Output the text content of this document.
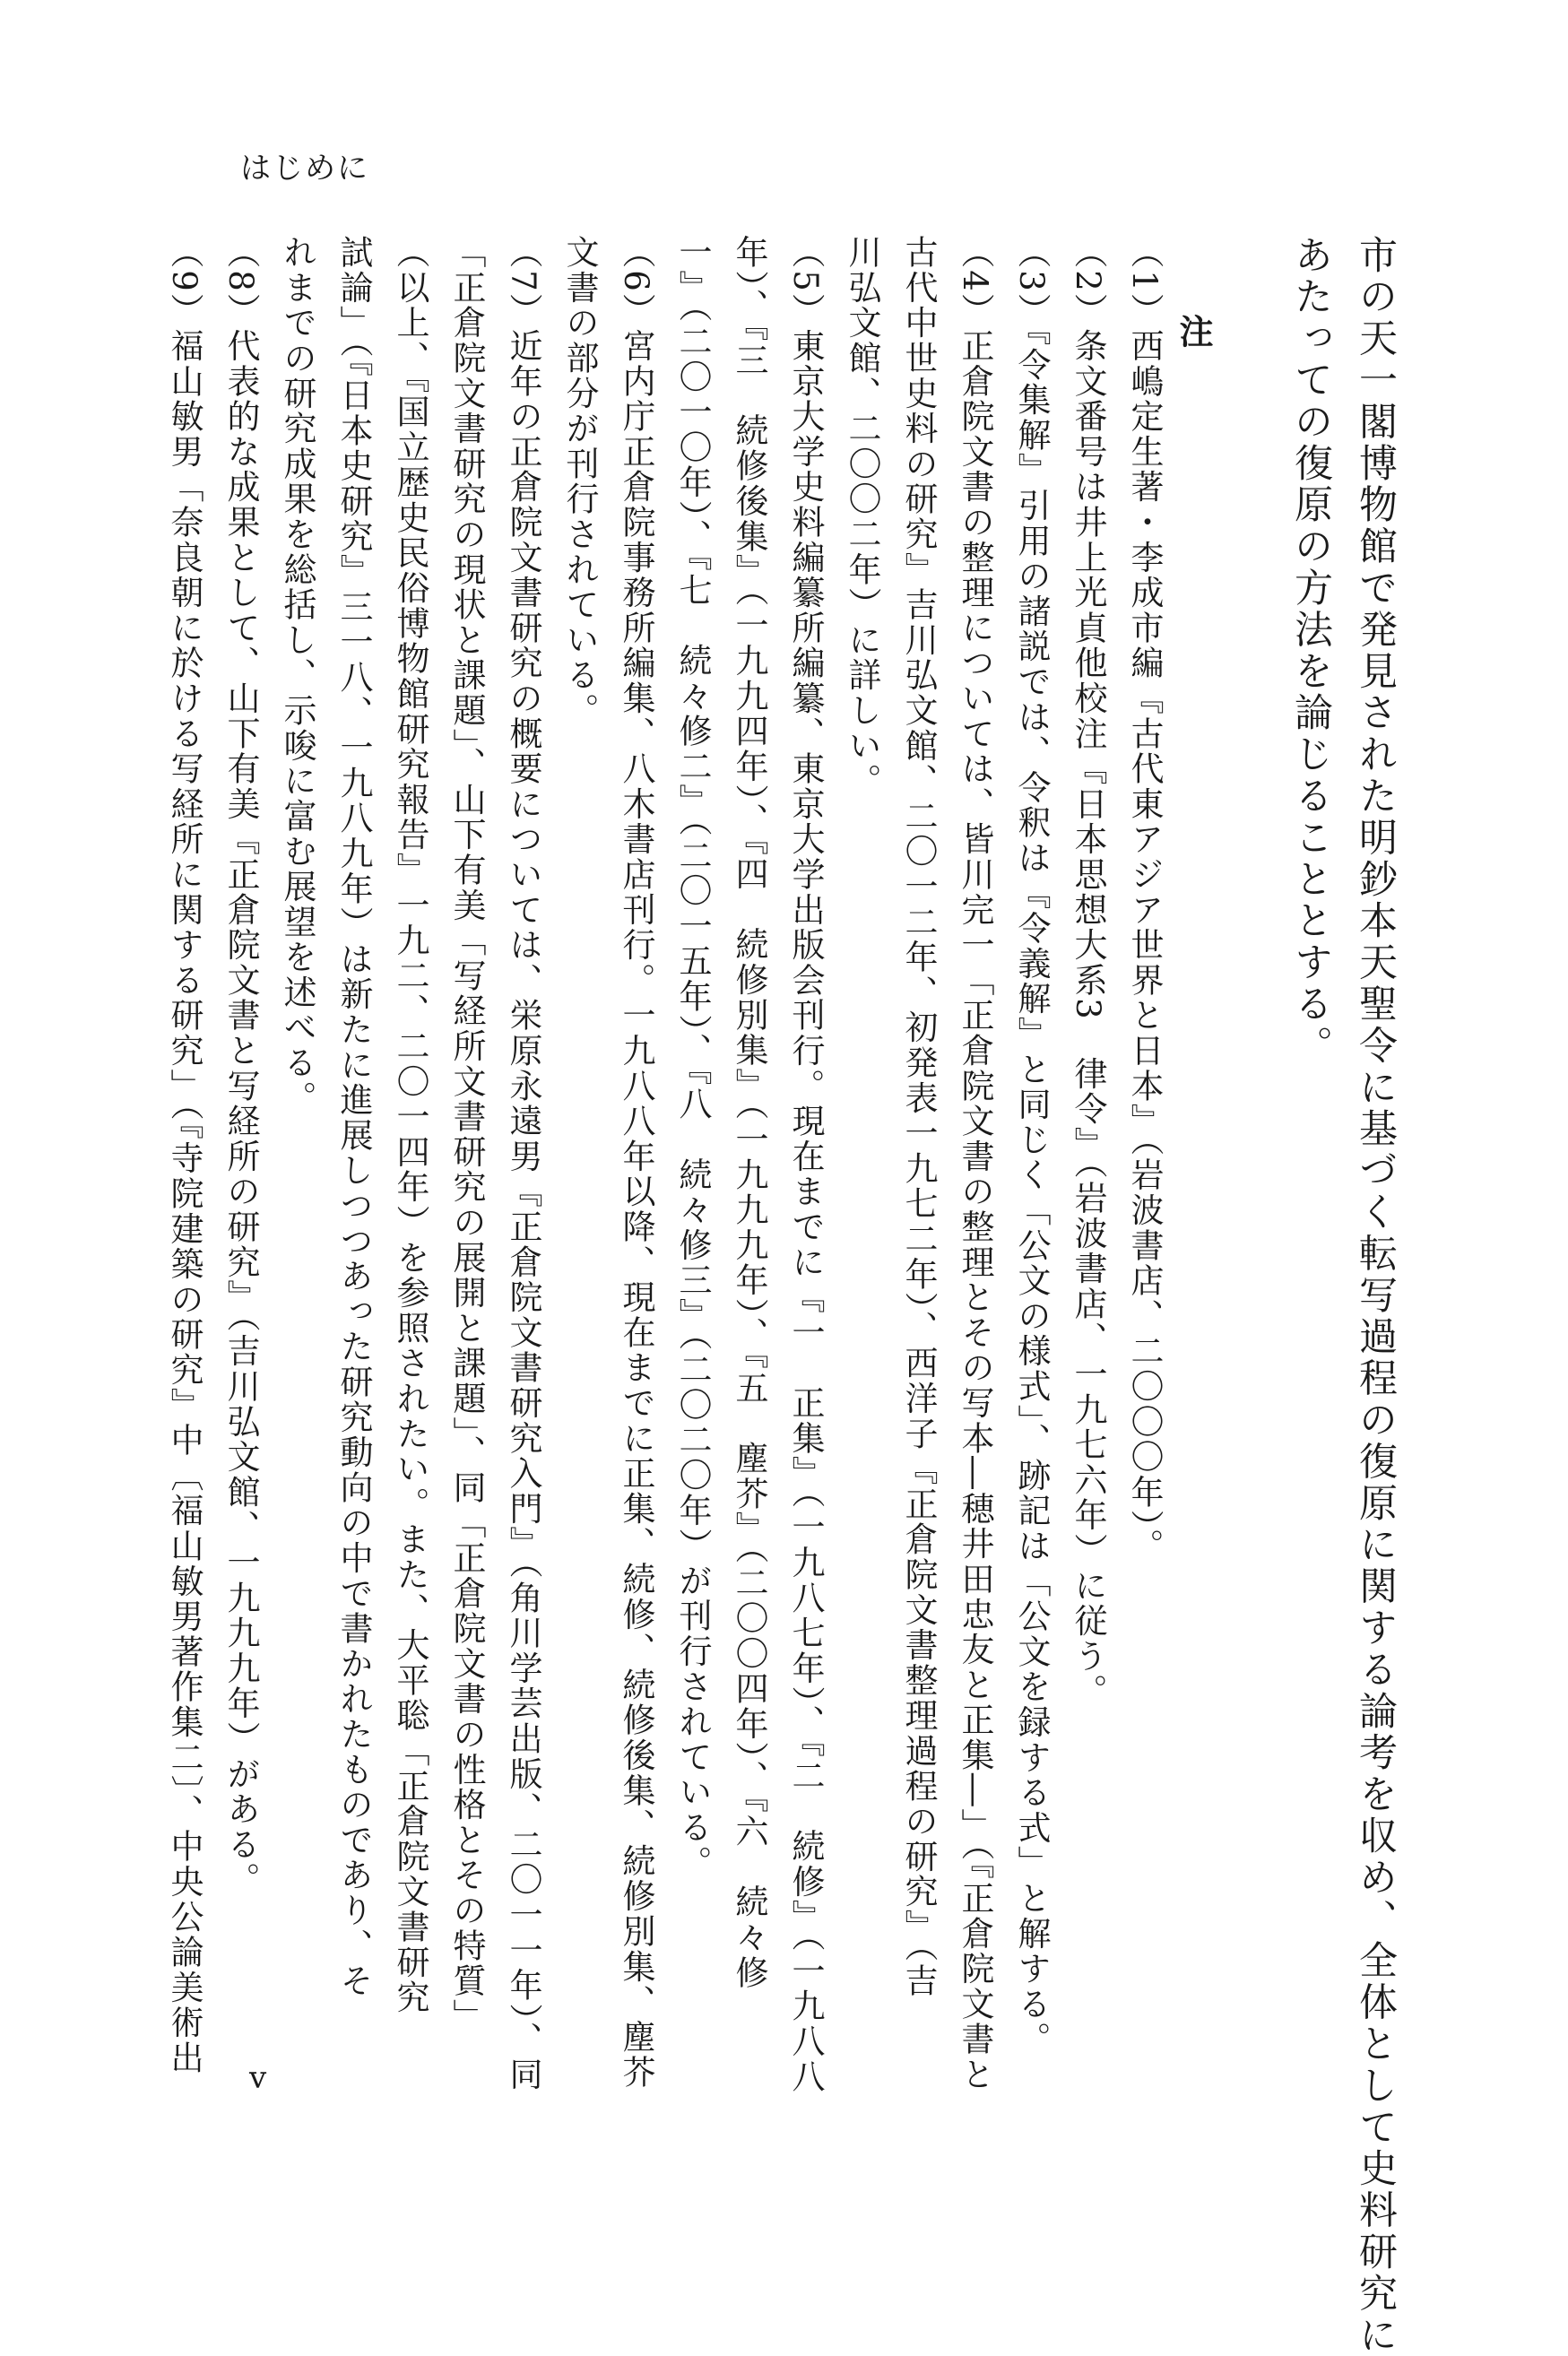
はじめに
市の天一閣博物館で発見された明鈔本天聖令に基づく転写過程の復原に関する論考を収め、全体として史料研究に
あたっての復原の方法を論じることとする。
注
（1）西嶋定生著・李成市編『古代東アジア世界と日本』（岩波書店、二〇〇〇年）。
（2）条文番号は井上光貞他校注『日本思想大系3　律令』（岩波書店、一九七六年）に従う。
（3）『令集解』引用の諸説では、令釈は『令義解』と同じく「公文の様式」、跡記は「公文を録する式」と解する。
（4）正倉院文書の整理については、皆川完一「正倉院文書の整理とその写本―穂井田忠友と正集―」（『正倉院文書と
古代中世史料の研究』吉川弘文館、二〇一二年、初発表一九七二年）、西洋子『正倉院文書整理過程の研究』（吉
川弘文館、二〇〇二年）に詳しい。
（5）東京大学史料編纂所編纂、東京大学出版会刊行。現在までに『一　正集』（一九八七年）、『二　続修』（一九八八
年）、『三　続修後集』（一九九四年）、『四　続修別集』（一九九九年）、『五　塵芥』（二〇〇四年）、『六　続々修
一』（二〇一〇年）、『七　続々修二』（二〇一五年）、『八　続々修三』（二〇二〇年）が刊行されている。
（6）宮内庁正倉院事務所編集、八木書店刊行。一九八八年以降、現在までに正集、続修、続修後集、続修別集、塵芥
文書の部分が刊行されている。
（7）近年の正倉院文書研究の概要については、栄原永遠男『正倉院文書研究入門』（角川学芸出版、二〇一一年）、同
「正倉院文書研究の現状と課題」、山下有美「写経所文書研究の展開と課題」、同「正倉院文書の性格とその特質」
（以上、『国立歴史民俗博物館研究報告』一九二、二〇一四年）を参照されたい。また、大平聡「正倉院文書研究
試論」（『日本史研究』三一八、一九八九年）は新たに進展しつつあった研究動向の中で書かれたものであり、そ
れまでの研究成果を総括し、示唆に富む展望を述べる。
（8）代表的な成果として、山下有美『正倉院文書と写経所の研究』（吉川弘文館、一九九九年）がある。
（9）福山敏男「奈良朝に於ける写経所に関する研究」（『寺院建築の研究』中〔福山敏男著作集二〕、中央公論美術出
v
